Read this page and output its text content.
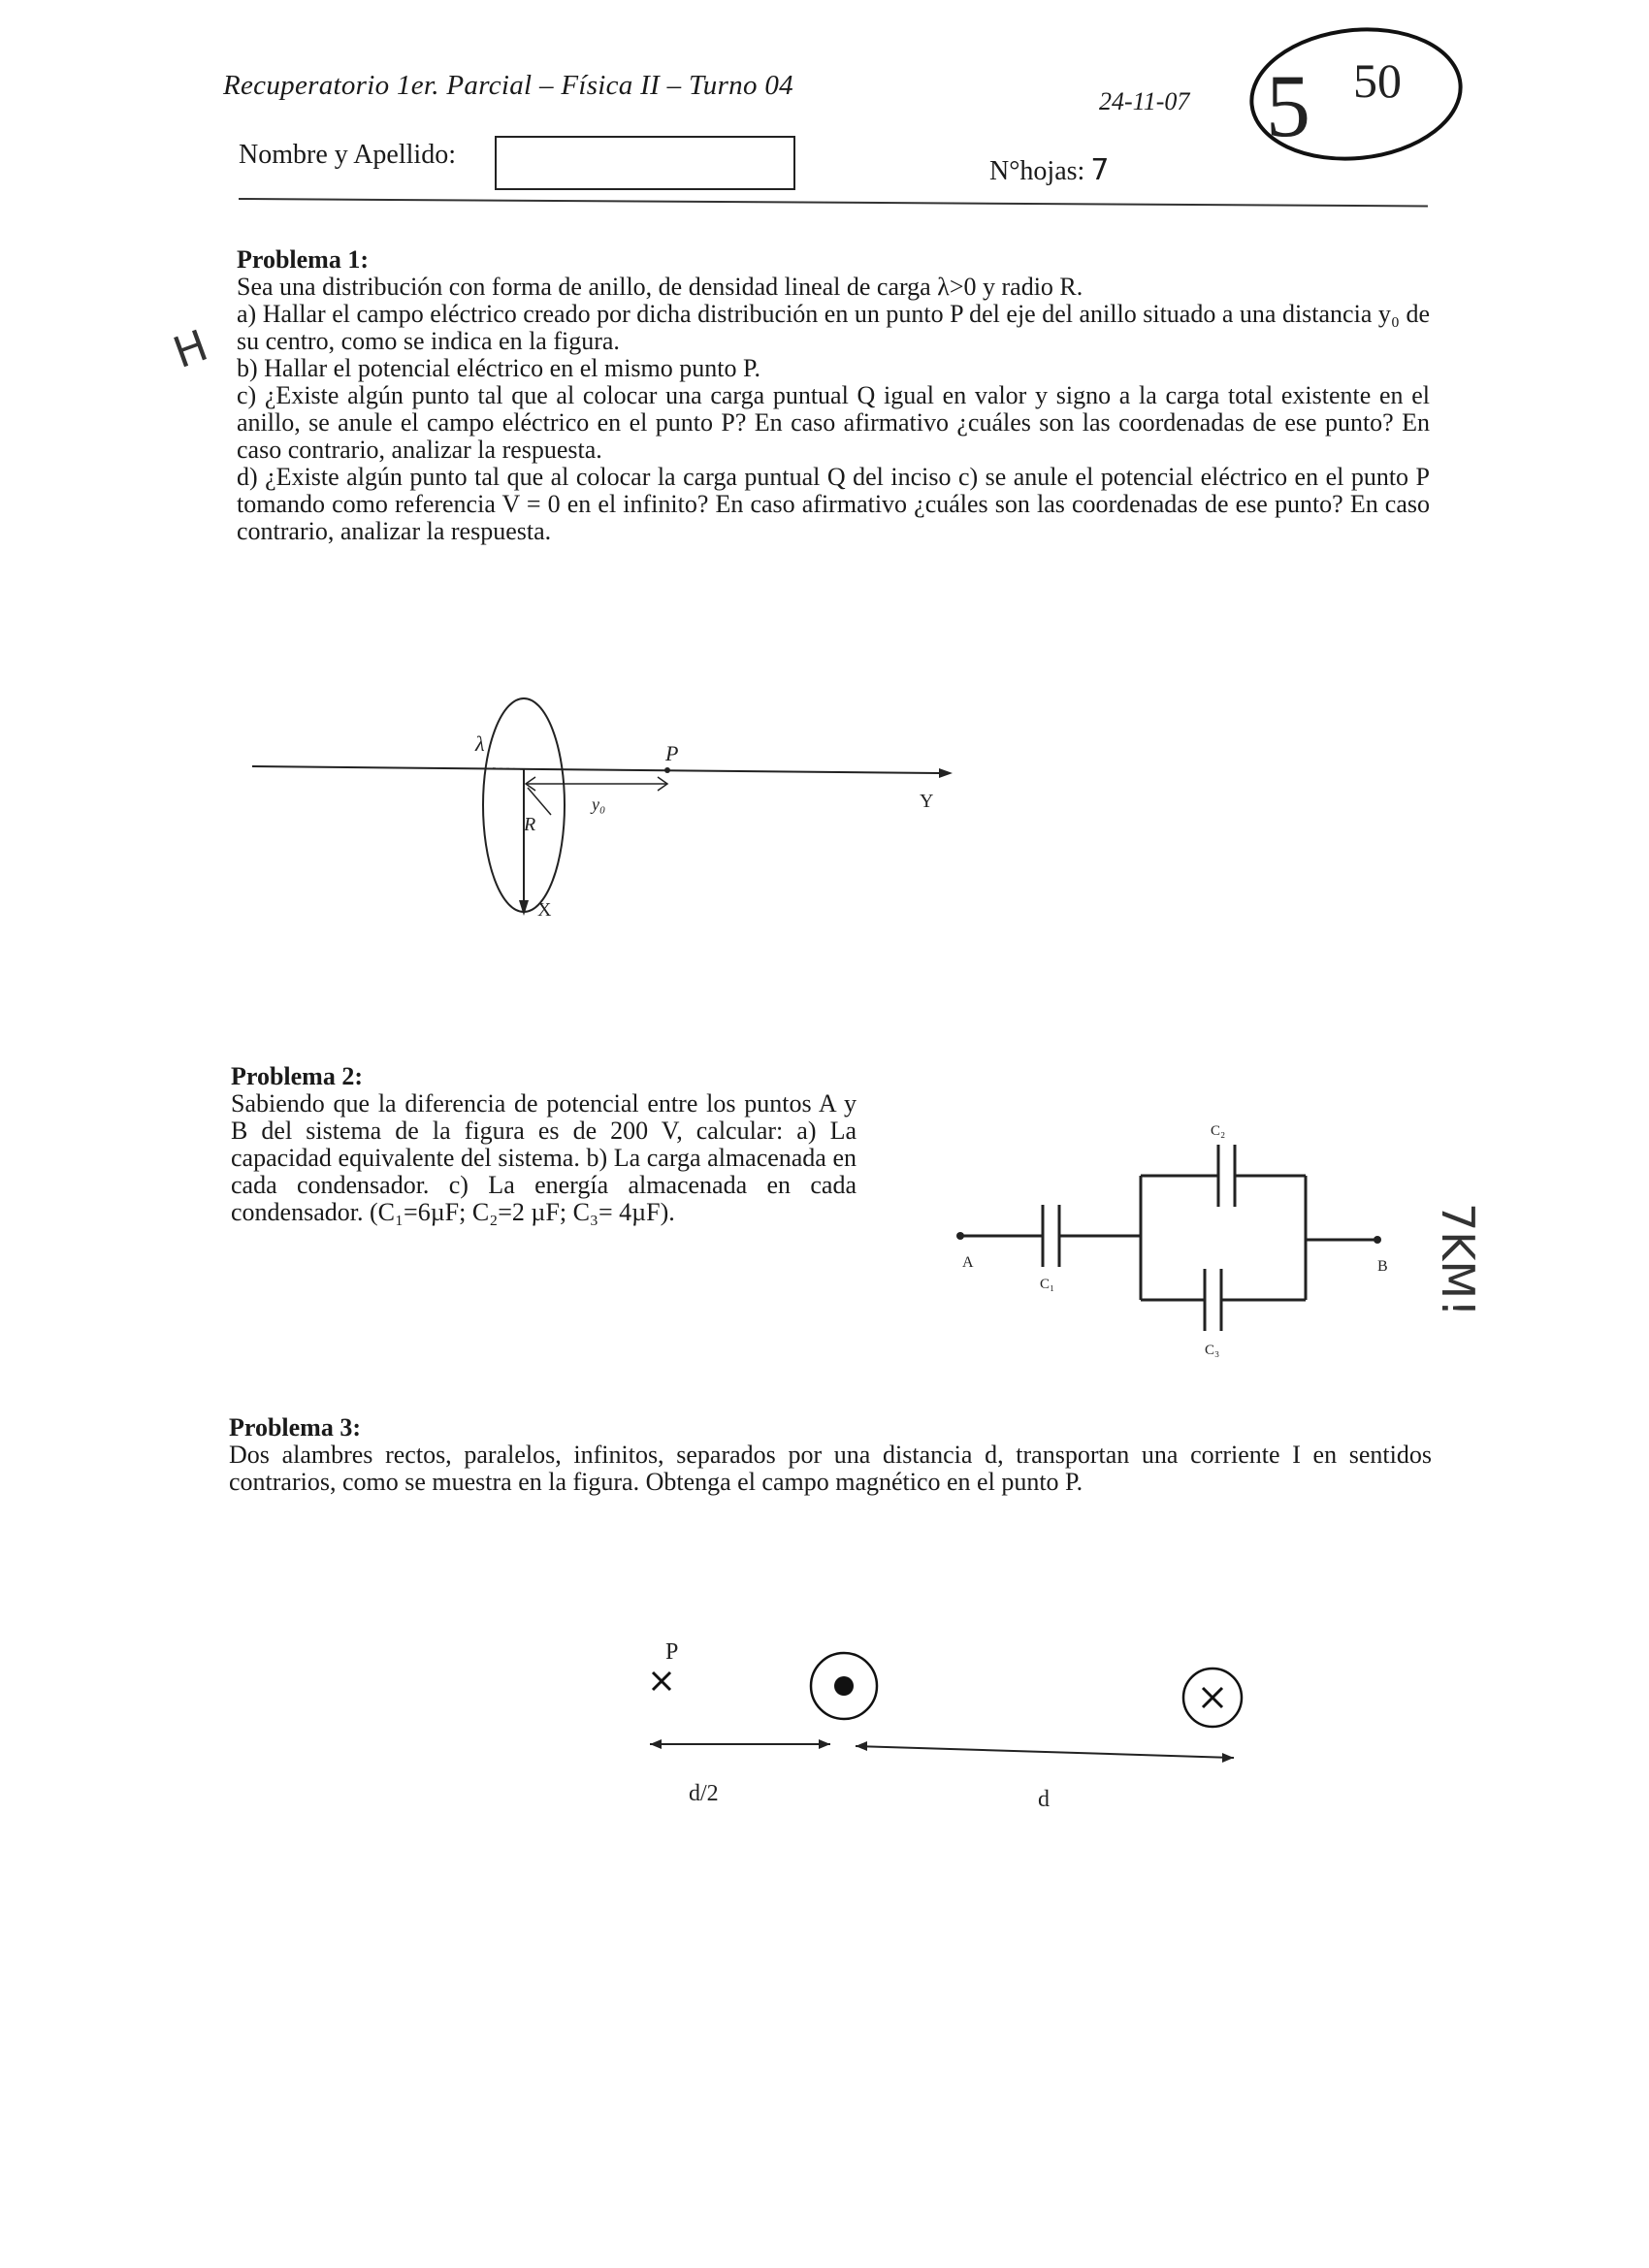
Recuperatorio 1er. Parcial – Física II – Turno 04
24-11-07 5 50
Nombre y Apellido:
N°hojas: 7
H
7KM!
Problema 1:

Sea una distribución con forma de anillo, de densidad lineal de carga λ>0 y radio R.

a) Hallar el campo eléctrico creado por dicha distribución en un punto P del eje del anillo situado a una distancia y₀ de su centro, como se indica en la figura.

b) Hallar el potencial eléctrico en el mismo punto P.

c) ¿Existe algún punto tal que al colocar una carga puntual Q igual en valor y signo a la carga total existente en el anillo, se anule el campo eléctrico en el punto P? En caso afirmativo ¿cuáles son las coordenadas de ese punto? En caso contrario, analizar la respuesta.

d) ¿Existe algún punto tal que al colocar la carga puntual Q del inciso c) se anule el potencial eléctrico en el punto P tomando como referencia V = 0 en el infinito? En caso afirmativo ¿cuáles son las coordenadas de ese punto? En caso contrario, analizar la respuesta.

λ	P
y₀
R
Y
X
Problema 2:

Sabiendo que la diferencia de potencial entre los puntos A y B del sistema de la figura es de 200 V, calcular: a) La capacidad equivalente del sistema. b) La carga almacenada en cada condensador. c) La energía almacenada en cada condensador. (C₁=6µF; C₂=2 µF; C₃= 4µF).

A	B
C₁
C₂
C₃
Problema 3:

Dos alambres rectos, paralelos, infinitos, separados por una distancia d, transportan una corriente I en sentidos contrarios, como se muestra en la figura. Obtenga el campo magnético en el punto P.

P
d/2	d
